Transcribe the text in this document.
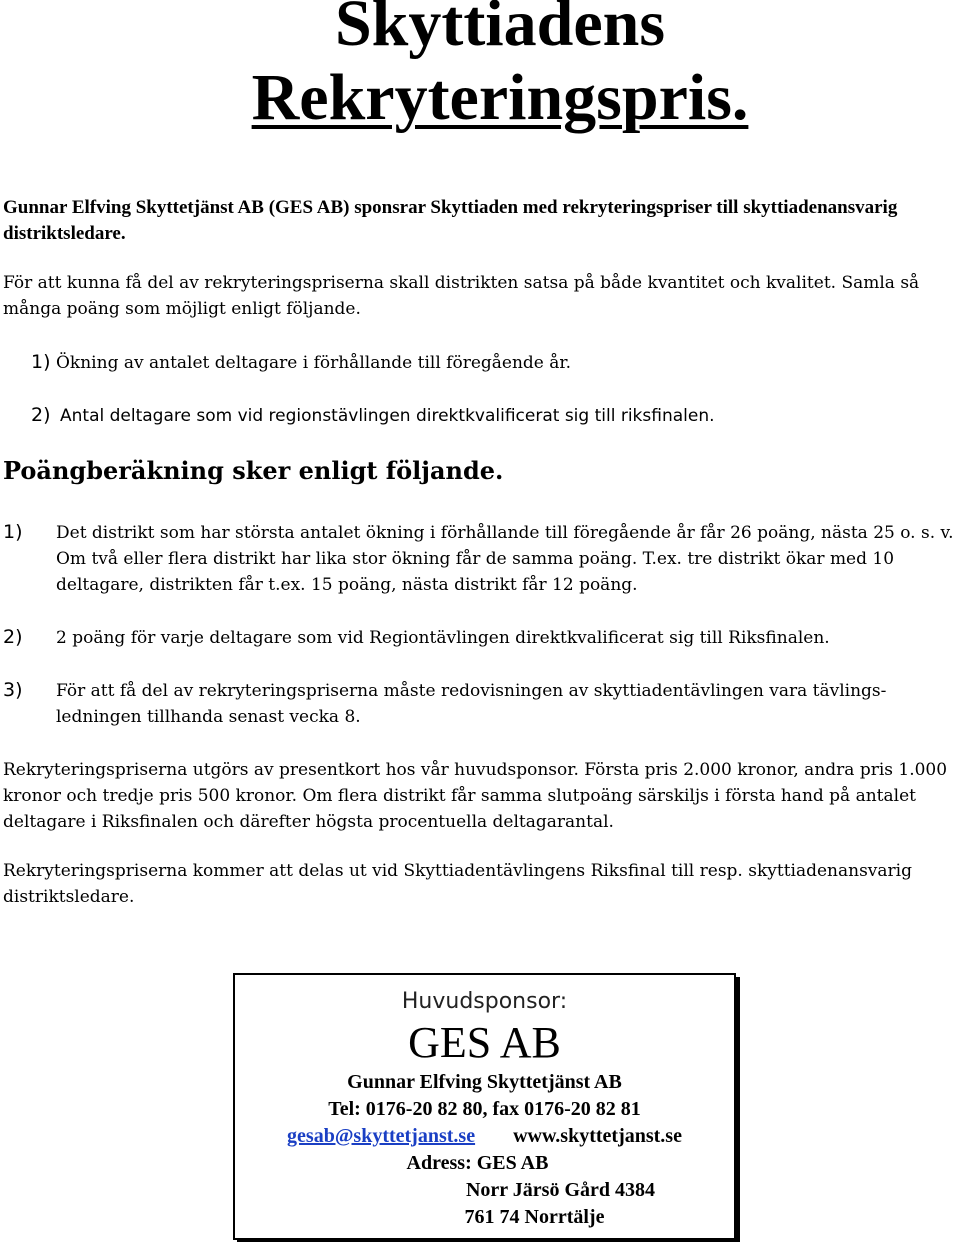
Skyttiadens
Rekryteringspris.

Gunnar Elfving Skyttetjänst AB (GES AB) sponsrar Skyttiaden med rekryteringspriser till skyttiadenansvarig distriktsledare.

För att kunna få del av rekryteringspriserna skall distrikten satsa på både kvantitet och kvalitet. Samla så många poäng som möjligt enligt följande.

1) Ökning av antalet deltagare i förhållande till föregående år.
2) Antal deltagare som vid regionstävlingen direktkvalificerat sig till riksfinalen.
Poängberäkning sker enligt följande.
1) Det distrikt som har största antalet ökning i förhållande till föregående år får 26 poäng, nästa 25 o. s. v. Om två eller flera distrikt har lika stor ökning får de samma poäng. T.ex. tre distrikt ökar med 10 deltagare, distrikten får t.ex. 15 poäng, nästa distrikt får 12 poäng.

2) 2 poäng för varje deltagare som vid Regiontävlingen direktkvalificerat sig till Riksfinalen.

3) För att få del av rekryteringspriserna måste redovisningen av skyttiadentävlingen vara tävlings-ledningen tillhanda senast vecka 8.

Rekryteringspriserna utgörs av presentkort hos vår huvudsponsor. Första pris 2.000 kronor, andra pris 1.000 kronor och tredje pris 500 kronor. Om flera distrikt får samma slutpoäng särskiljs i första hand på antalet deltagare i Riksfinalen och därefter högsta procentuella deltagarantal.

Rekryteringspriserna kommer att delas ut vid Skyttiadentävlingens Riksfinal till resp. skyttiadenansvarig distriktsledare.

Huvudsponsor:
GES AB
Gunnar Elfving Skyttetjänst AB
Tel: 0176-20 82 80, fax 0176-20 82 81
gesab@skyttetjanst.se www.skyttetjanst.se
Adress: GES AB
Norr Järsö Gård 4384
761 74 Norrtälje
